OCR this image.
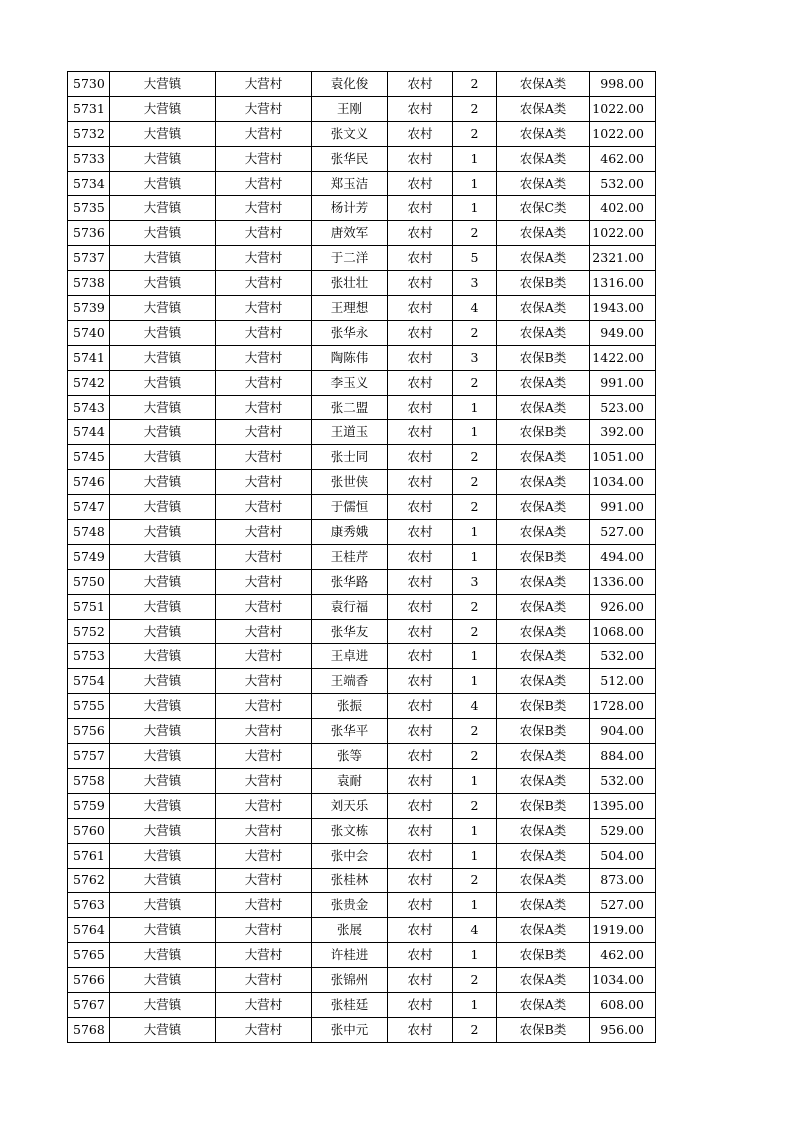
5730	大营镇	大营村	袁化俊	农村	2	农保A类	998.00
5731	大营镇	大营村	王刚	农村	2	农保A类	1022.00
5732	大营镇	大营村	张文义	农村	2	农保A类	1022.00
5733	大营镇	大营村	张华民	农村	1	农保A类	462.00
5734	大营镇	大营村	郑玉洁	农村	1	农保A类	532.00
5735	大营镇	大营村	杨计芳	农村	1	农保C类	402.00
5736	大营镇	大营村	唐效军	农村	2	农保A类	1022.00
5737	大营镇	大营村	于二洋	农村	5	农保A类	2321.00
5738	大营镇	大营村	张壮壮	农村	3	农保B类	1316.00
5739	大营镇	大营村	王理想	农村	4	农保A类	1943.00
5740	大营镇	大营村	张华永	农村	2	农保A类	949.00
5741	大营镇	大营村	陶陈伟	农村	3	农保B类	1422.00
5742	大营镇	大营村	李玉义	农村	2	农保A类	991.00
5743	大营镇	大营村	张二盟	农村	1	农保A类	523.00
5744	大营镇	大营村	王道玉	农村	1	农保B类	392.00
5745	大营镇	大营村	张士同	农村	2	农保A类	1051.00
5746	大营镇	大营村	张世侠	农村	2	农保A类	1034.00
5747	大营镇	大营村	于儒恒	农村	2	农保A类	991.00
5748	大营镇	大营村	康秀娥	农村	1	农保A类	527.00
5749	大营镇	大营村	王桂芹	农村	1	农保B类	494.00
5750	大营镇	大营村	张华路	农村	3	农保A类	1336.00
5751	大营镇	大营村	袁行福	农村	2	农保A类	926.00
5752	大营镇	大营村	张华友	农村	2	农保A类	1068.00
5753	大营镇	大营村	王卓进	农村	1	农保A类	532.00
5754	大营镇	大营村	王端香	农村	1	农保A类	512.00
5755	大营镇	大营村	张振	农村	4	农保B类	1728.00
5756	大营镇	大营村	张华平	农村	2	农保B类	904.00
5757	大营镇	大营村	张等	农村	2	农保A类	884.00
5758	大营镇	大营村	袁耐	农村	1	农保A类	532.00
5759	大营镇	大营村	刘天乐	农村	2	农保B类	1395.00
5760	大营镇	大营村	张文栋	农村	1	农保A类	529.00
5761	大营镇	大营村	张中会	农村	1	农保A类	504.00
5762	大营镇	大营村	张桂林	农村	2	农保A类	873.00
5763	大营镇	大营村	张贵金	农村	1	农保A类	527.00
5764	大营镇	大营村	张展	农村	4	农保A类	1919.00
5765	大营镇	大营村	许桂进	农村	1	农保B类	462.00
5766	大营镇	大营村	张锦州	农村	2	农保A类	1034.00
5767	大营镇	大营村	张桂廷	农村	1	农保A类	608.00
5768	大营镇	大营村	张中元	农村	2	农保B类	956.00
